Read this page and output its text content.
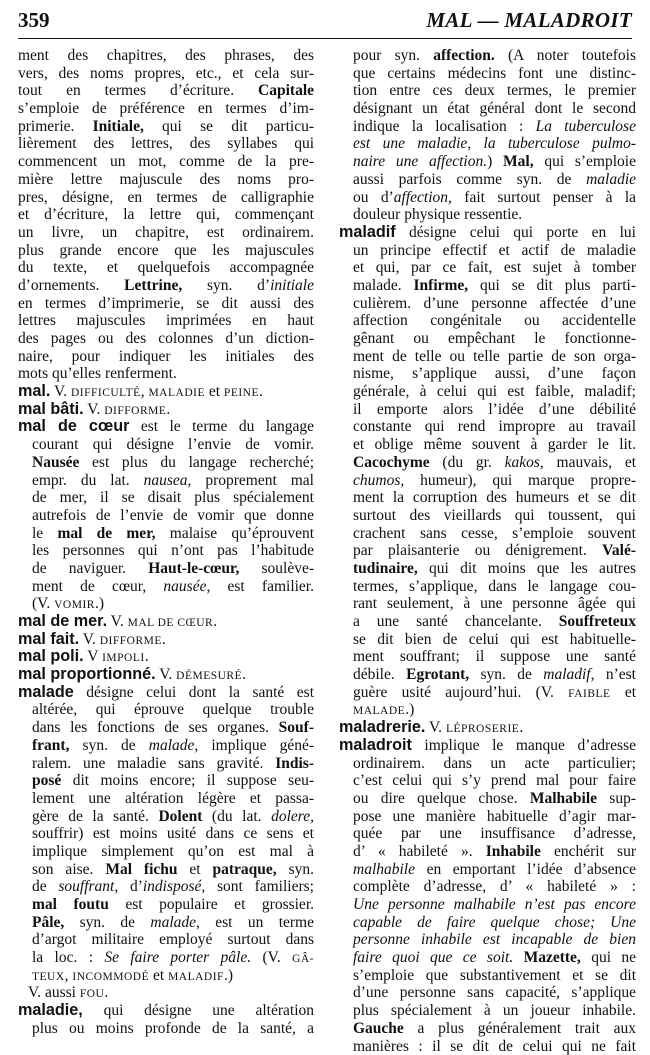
359	MAL — MALADROIT
ment des chapitres, des phrases, des
vers, des noms propres, etc., et cela sur-
tout en termes d’écriture. Capitale
s’emploie de préférence en termes d’im-
primerie. Initiale, qui se dit particu-
lièrement des lettres, des syllabes qui
commencent un mot, comme de la pre-
mière lettre majuscule des noms pro-
pres, désigne, en termes de calligraphie
et d’écriture, la lettre qui, commençant
un livre, un chapitre, est ordinairem.
plus grande encore que les majuscules
du texte, et quelquefois accompagnée
d’ornements. Lettrine, syn. d’initiale
en termes d’imprimerie, se dit aussi des
lettres majuscules imprimées en haut
des pages ou des colonnes d’un diction-
naire, pour indiquer les initiales des
mots qu’elles renferment.
mal. V. DIFFICULTÉ, MALADIE et PEINE.
mal bâti. V. DIFFORME.
mal de cœur est le terme du langage
courant qui désigne l’envie de vomir.
Nausée est plus du langage recherché;
empr. du lat. nausea, proprement mal
de mer, il se disait plus spécialement
autrefois de l’envie de vomir que donne
le mal de mer, malaise qu’éprouvent
les personnes qui n’ont pas l’habitude
de naviguer. Haut-le-cœur, soulève-
ment de cœur, nausée, est familier.
(V. VOMIR.)
mal de mer. V. MAL DE CŒUR.
mal fait. V. DIFFORME.
mal poli. V IMPOLI.
mal proportionné. V. DÉMESURÉ.
malade désigne celui dont la santé est
altérée, qui éprouve quelque trouble
dans les fonctions de ses organes. Souf-
frant, syn. de malade, implique géné-
ralem. une maladie sans gravité. Indis-
posé dit moins encore; il suppose seu-
lement une altération légère et passa-
gère de la santé. Dolent (du lat. dolere,
souffrir) est moins usité dans ce sens et
implique simplement qu’on est mal à
son aise. Mal fichu et patraque, syn.
de souffrant, d’indisposé, sont familiers;
mal foutu est populaire et grossier.
Pâle, syn. de malade, est un terme
d’argot militaire employé surtout dans
la loc. : Se faire porter pâle. (V. GÂ-
TEUX, INCOMMODÉ et MALADIF.)
V. aussi FOU.
maladie, qui désigne une altération
plus ou moins profonde de la santé, a
pour syn. affection. (A noter toutefois
que certains médecins font une distinc-
tion entre ces deux termes, le premier
désignant un état général dont le second
indique la localisation : La tuberculose
est une maladie, la tuberculose pulmo-
naire une affection.) Mal, qui s’emploie
aussi parfois comme syn. de maladie
ou d’affection, fait surtout penser à la
douleur physique ressentie.
maladif désigne celui qui porte en lui
un principe effectif et actif de maladie
et qui, par ce fait, est sujet à tomber
malade. Infirme, qui se dit plus parti-
culièrem. d’une personne affectée d’une
affection congénitale ou accidentelle
gênant ou empêchant le fonctionne-
ment de telle ou telle partie de son orga-
nisme, s’applique aussi, d’une façon
générale, à celui qui est faible, maladif;
il emporte alors l’idée d’une débilité
constante qui rend impropre au travail
et oblige même souvent à garder le lit.
Cacochyme (du gr. kakos, mauvais, et
chumos, humeur), qui marque propre-
ment la corruption des humeurs et se dit
surtout des vieillards qui toussent, qui
crachent sans cesse, s’emploie souvent
par plaisanterie ou dénigrement. Valé-
tudinaire, qui dit moins que les autres
termes, s’applique, dans le langage cou-
rant seulement, à une personne âgée qui
a une santé chancelante. Souffreteux
se dit bien de celui qui est habituelle-
ment souffrant; il suppose une santé
débile. Egrotant, syn. de maladif, n’est
guère usité aujourd’hui. (V. FAIBLE et
MALADE.)
maladrerie. V. LÉPROSERIE.
maladroit implique le manque d’adresse
ordinairem. dans un acte particulier;
c’est celui qui s’y prend mal pour faire
ou dire quelque chose. Malhabile sup-
pose une manière habituelle d’agir mar-
quée par une insuffisance d’adresse,
d’ « habileté ». Inhabile enchérit sur
malhabile en emportant l’idée d’absence
complète d’adresse, d’ « habileté » :
Une personne malhabile n’est pas encore
capable de faire quelque chose; Une
personne inhabile est incapable de bien
faire quoi que ce soit. Mazette, qui ne
s’emploie que substantivement et se dit
d’une personne sans capacité, s’applique
plus spécialement à un joueur inhabile.
Gauche a plus généralement trait aux
manières : il se dit de celui qui ne fait
